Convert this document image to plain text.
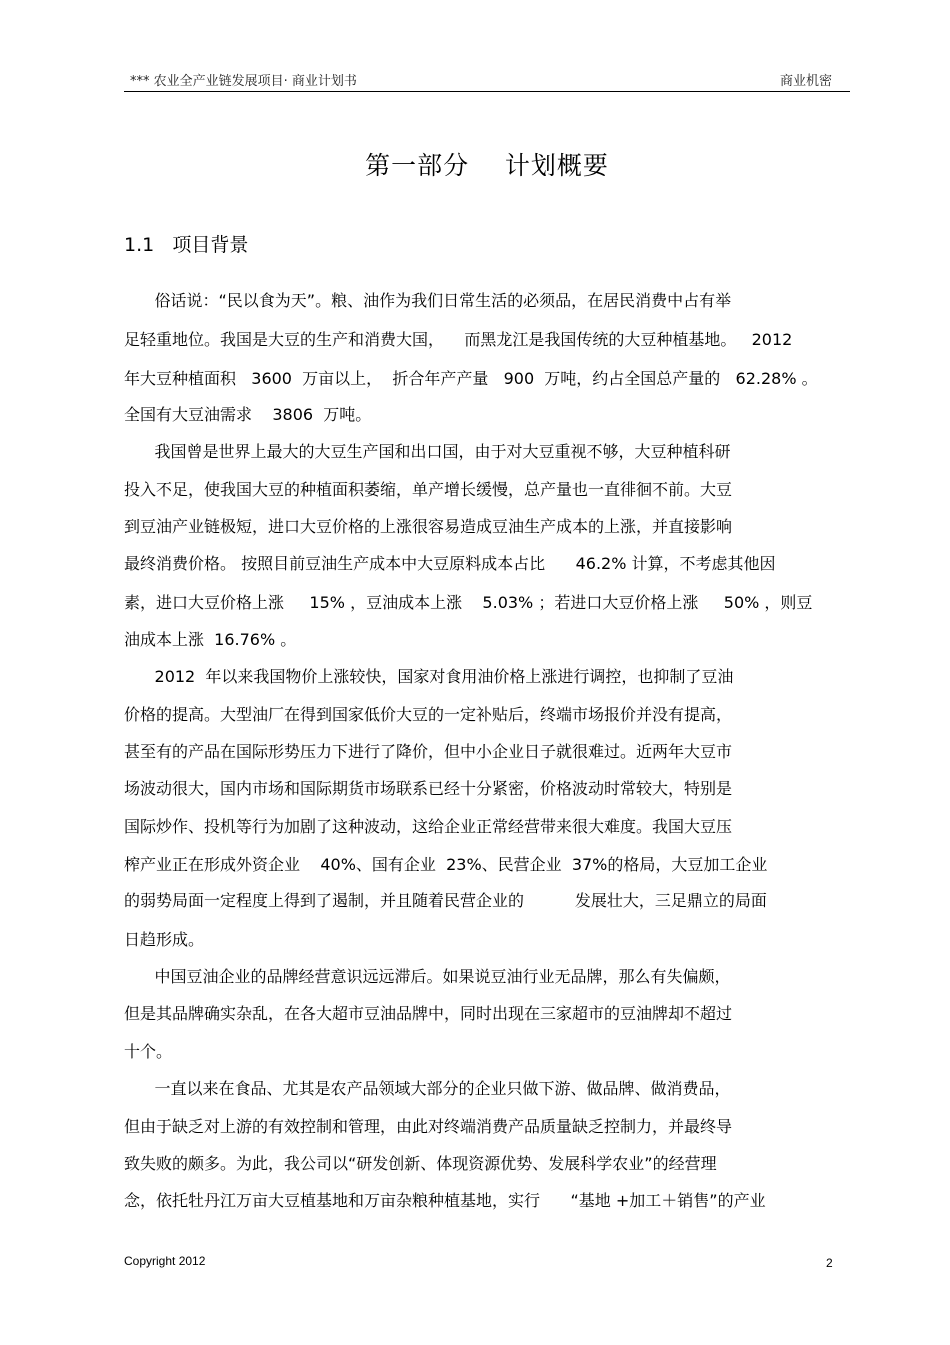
*** 农业全产业链发展项目· 商业计划书	商业机密
第一部分    计划概要
1.1   项目背景
俗话说：“民以食为天”。粮、油作为我们日常生活的必须品，在居民消费中占有举
足轻重地位。我国是大豆的生产和消费大国，    而黑龙江是我国传统的大豆种植基地。   2012
年大豆种植面积   3600  万亩以上，  折合年产产量   900  万吨，约占全国总产量的   62.28% 。
全国有大豆油需求    3806  万吨。
我国曾是世界上最大的大豆生产国和出口国，由于对大豆重视不够，大豆种植科研
投入不足，使我国大豆的种植面积萎缩，单产增长缓慢，总产量也一直徘徊不前。大豆
到豆油产业链极短，进口大豆价格的上涨很容易造成豆油生产成本的上涨，并直接影响
最终消费价格。 按照目前豆油生产成本中大豆原料成本占比      46.2% 计算，不考虑其他因
素，进口大豆价格上涨     15% ，豆油成本上涨    5.03% ；若进口大豆价格上涨     50% ，则豆
油成本上涨  16.76% 。
2012  年以来我国物价上涨较快，国家对食用油价格上涨进行调控，也抑制了豆油
价格的提高。大型油厂在得到国家低价大豆的一定补贴后，终端市场报价并没有提高，
甚至有的产品在国际形势压力下进行了降价，但中小企业日子就很难过。近两年大豆市
场波动很大，国内市场和国际期货市场联系已经十分紧密，价格波动时常较大，特别是
国际炒作、投机等行为加剧了这种波动，这给企业正常经营带来很大难度。我国大豆压
榨产业正在形成外资企业    40%、国有企业  23%、民营企业  37%的格局，大豆加工企业
的弱势局面一定程度上得到了遏制，并且随着民营企业的          发展壮大，三足鼎立的局面
日趋形成。
中国豆油企业的品牌经营意识远远滞后。如果说豆油行业无品牌，那么有失偏颇，
但是其品牌确实杂乱，在各大超市豆油品牌中，同时出现在三家超市的豆油牌却不超过
十个。
一直以来在食品、尤其是农产品领域大部分的企业只做下游、做品牌、做消费品，
但由于缺乏对上游的有效控制和管理，由此对终端消费产品质量缺乏控制力，并最终导
致失败的颇多。为此，我公司以“研发创新、体现资源优势、发展科学农业”的经营理
念，依托牡丹江万亩大豆植基地和万亩杂粮种植基地，实行      “基地 +加工＋销售”的产业
Copyright 2012	2
